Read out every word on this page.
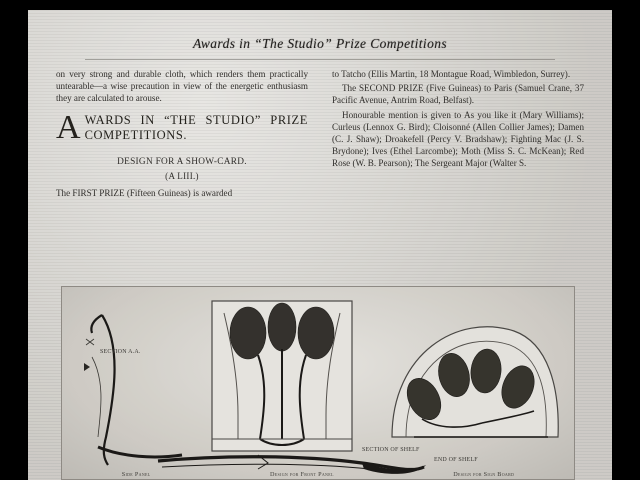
Awards in “The Studio” Prize Competitions

on very strong and durable cloth, which renders them practically untearable—a wise precaution in view of the energetic enthusiasm they are calculated to arouse.

A WARDS IN “THE STUDIO” PRIZE COMPETITIONS.
DESIGN FOR A SHOW-CARD.
(A LIII.)
The FIRST PRIZE (Fifteen Guineas) is awarded

to Tatcho (Ellis Martin, 18 Montague Road, Wimbledon, Surrey).

The SECOND PRIZE (Five Guineas) to Paris (Samuel Crane, 37 Pacific Avenue, Antrim Road, Belfast).

Honourable mention is given to As you like it (Mary Williams); Curleus (Lennox G. Bird); Cloisonné (Allen Collier James); Damen (C. J. Shaw); Droakefell (Percy V. Bradshaw); Fighting Mac (J. S. Brydone); Ives (Ethel Larcombe); Moth (Miss S. C. McKean); Red Rose (W. B. Pearson); The Sergeant Major (Walter S.

SECTION A.A.
SECTION OF SHELF
END OF SHELF
Side Panel	Design for Front Panel	Design for Sign Board
